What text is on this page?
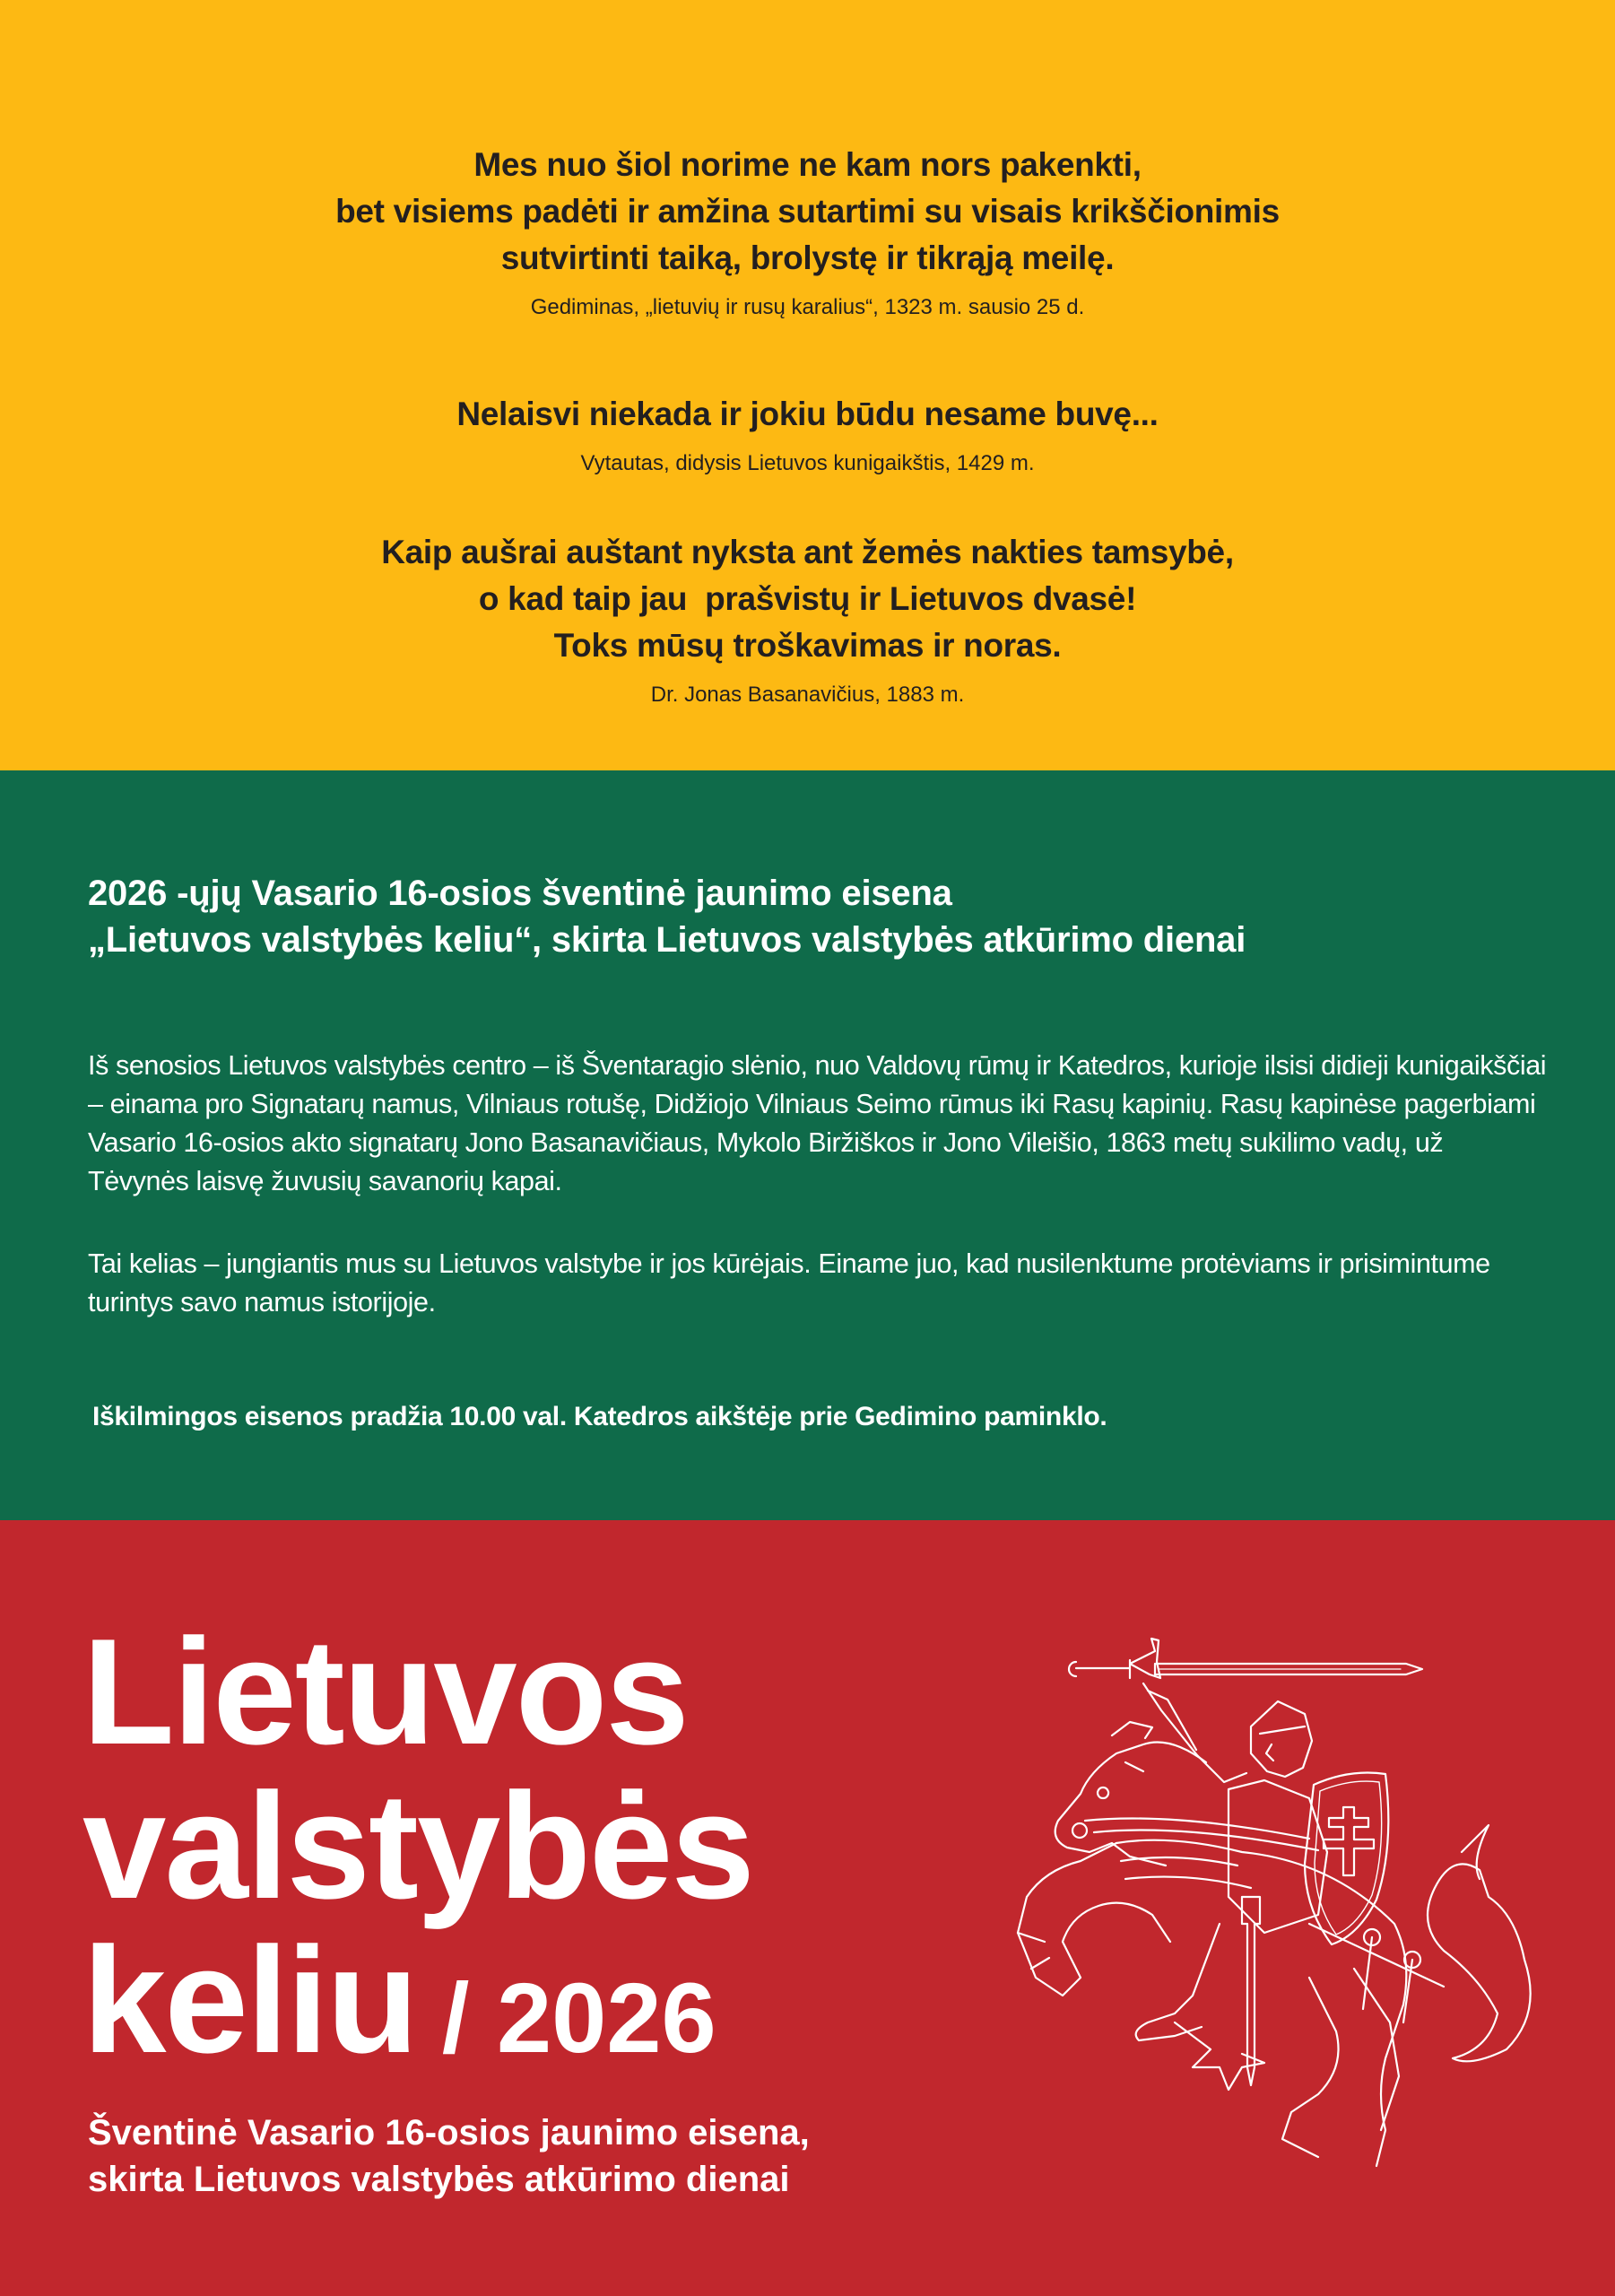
Mes nuo šiol norime ne kam nors pakenkti,
bet visiems padėti ir amžina sutartimi su visais krikščionimis
sutvirtinti taiką, brolystę ir tikrąją meilę.
Gediminas, „lietuvių ir rusų karalius“, 1323 m. sausio 25 d.
Nelaisvi niekada ir jokiu būdu nesame buvę...
Vytautas, didysis Lietuvos kunigaikštis, 1429 m.
Kaip aušrai auštant nyksta ant žemės nakties tamsybė,
o kad taip jau  prašvistų ir Lietuvos dvasė!
Toks mūsų troškavimas ir noras.
Dr. Jonas Basanavičius, 1883 m.
2026 -ųjų Vasario 16-osios šventinė jaunimo eisena
„Lietuvos valstybės keliu“, skirta Lietuvos valstybės atkūrimo dienai
Iš senosios Lietuvos valstybės centro – iš Šventaragio slėnio, nuo Valdovų rūmų ir Katedros, kurioje ilsisi didieji kunigaikščiai – einama pro Signatarų namus, Vilniaus rotušę, Didžiojo Vilniaus Seimo rūmus iki Rasų kapinių. Rasų kapinėse pagerbiami Vasario 16-osios akto signatarų Jono Basanavičiaus, Mykolo Biržiškos ir Jono Vileišio, 1863 metų sukilimo vadų, už Tėvynės laisvę žuvusių savanorių kapai.
Tai kelias – jungiantis mus su Lietuvos valstybe ir jos kūrėjais. Einame juo, kad nusilenktume protėviams ir prisimintume turintys savo namus istorijoje.
Iškilmingos eisenos pradžia 10.00 val. Katedros aikštėje prie Gedimino paminklo.
Lietuvos
valstybės
keliu / 2026
Šventinė Vasario 16-osios jaunimo eisena,
skirta Lietuvos valstybės atkūrimo dienai
